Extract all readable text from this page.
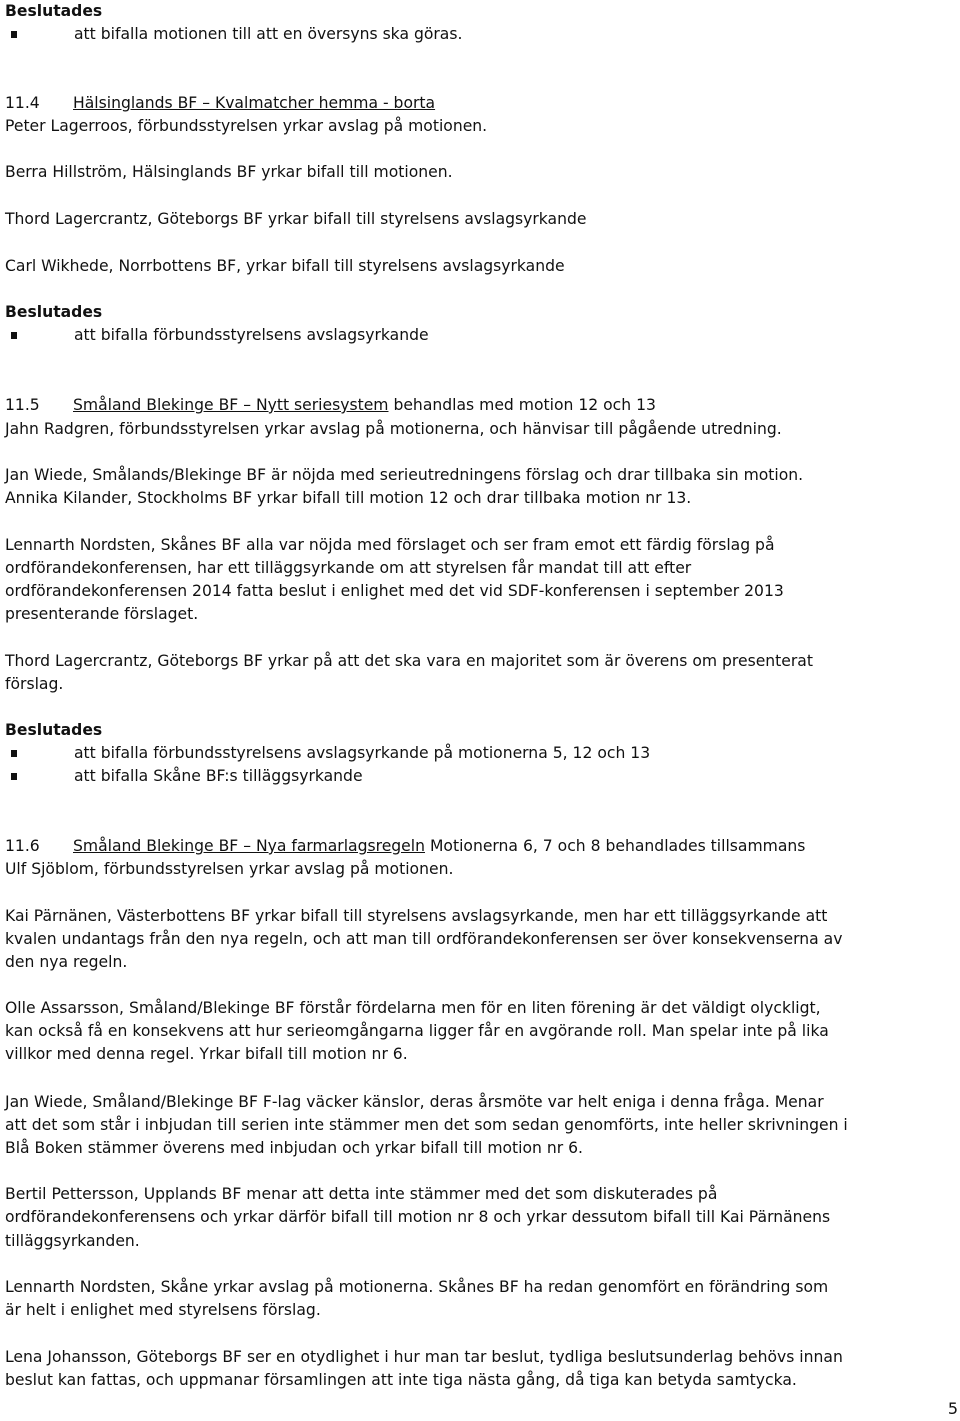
Beslutades
att bifalla motionen till att en översyns ska göras.
11.4 Hälsinglands BF – Kvalmatcher hemma - borta
Peter Lagerroos, förbundsstyrelsen yrkar avslag på motionen.
Berra Hillström, Hälsinglands BF yrkar bifall till motionen.
Thord Lagercrantz, Göteborgs BF yrkar bifall till styrelsens avslagsyrkande
Carl Wikhede, Norrbottens BF, yrkar bifall till styrelsens avslagsyrkande
Beslutades
att bifalla förbundsstyrelsens avslagsyrkande
11.5 Småland Blekinge BF – Nytt seriesystem behandlas med motion 12 och 13
Jahn Radgren, förbundsstyrelsen yrkar avslag på motionerna, och hänvisar till pågående utredning.
Jan Wiede, Smålands/Blekinge BF är nöjda med serieutredningens förslag och drar tillbaka sin motion.
Annika Kilander, Stockholms BF yrkar bifall till motion 12 och drar tillbaka motion nr 13.
Lennarth Nordsten, Skånes BF alla var nöjda med förslaget och ser fram emot ett färdig förslag på
ordförandekonferensen, har ett tilläggsyrkande om att styrelsen får mandat till att efter
ordförandekonferensen 2014 fatta beslut i enlighet med det vid SDF-konferensen i september 2013
presenterande förslaget.
Thord Lagercrantz, Göteborgs BF yrkar på att det ska vara en majoritet som är överens om presenterat
förslag.
Beslutades
att bifalla förbundsstyrelsens avslagsyrkande på motionerna 5, 12 och 13
att bifalla Skåne BF:s tilläggsyrkande
11.6 Småland Blekinge BF – Nya farmarlagsregeln Motionerna 6, 7 och 8 behandlades tillsammans
Ulf Sjöblom, förbundsstyrelsen yrkar avslag på motionen.
Kai Pärnänen, Västerbottens BF yrkar bifall till styrelsens avslagsyrkande, men har ett tilläggsyrkande att
kvalen undantags från den nya regeln, och att man till ordförandekonferensen ser över konsekvenserna av
den nya regeln.
Olle Assarsson, Småland/Blekinge BF förstår fördelarna men för en liten förening är det väldigt olyckligt,
kan också få en konsekvens att hur serieomgångarna ligger får en avgörande roll. Man spelar inte på lika
villkor med denna regel. Yrkar bifall till motion nr 6.
Jan Wiede, Småland/Blekinge BF F-lag väcker känslor, deras årsmöte var helt eniga i denna fråga. Menar
att det som står i inbjudan till serien inte stämmer men det som sedan genomförts, inte heller skrivningen i
Blå Boken stämmer överens med inbjudan och yrkar bifall till motion nr 6.
Bertil Pettersson, Upplands BF menar att detta inte stämmer med det som diskuterades på
ordförandekonferensens och yrkar därför bifall till motion nr 8 och yrkar dessutom bifall till Kai Pärnänens
tilläggsyrkanden.
Lennarth Nordsten, Skåne yrkar avslag på motionerna. Skånes BF ha redan genomfört en förändring som
är helt i enlighet med styrelsens förslag.
Lena Johansson, Göteborgs BF ser en otydlighet i hur man tar beslut, tydliga beslutsunderlag behövs innan
beslut kan fattas, och uppmanar församlingen att inte tiga nästa gång, då tiga kan betyda samtycka.
5
